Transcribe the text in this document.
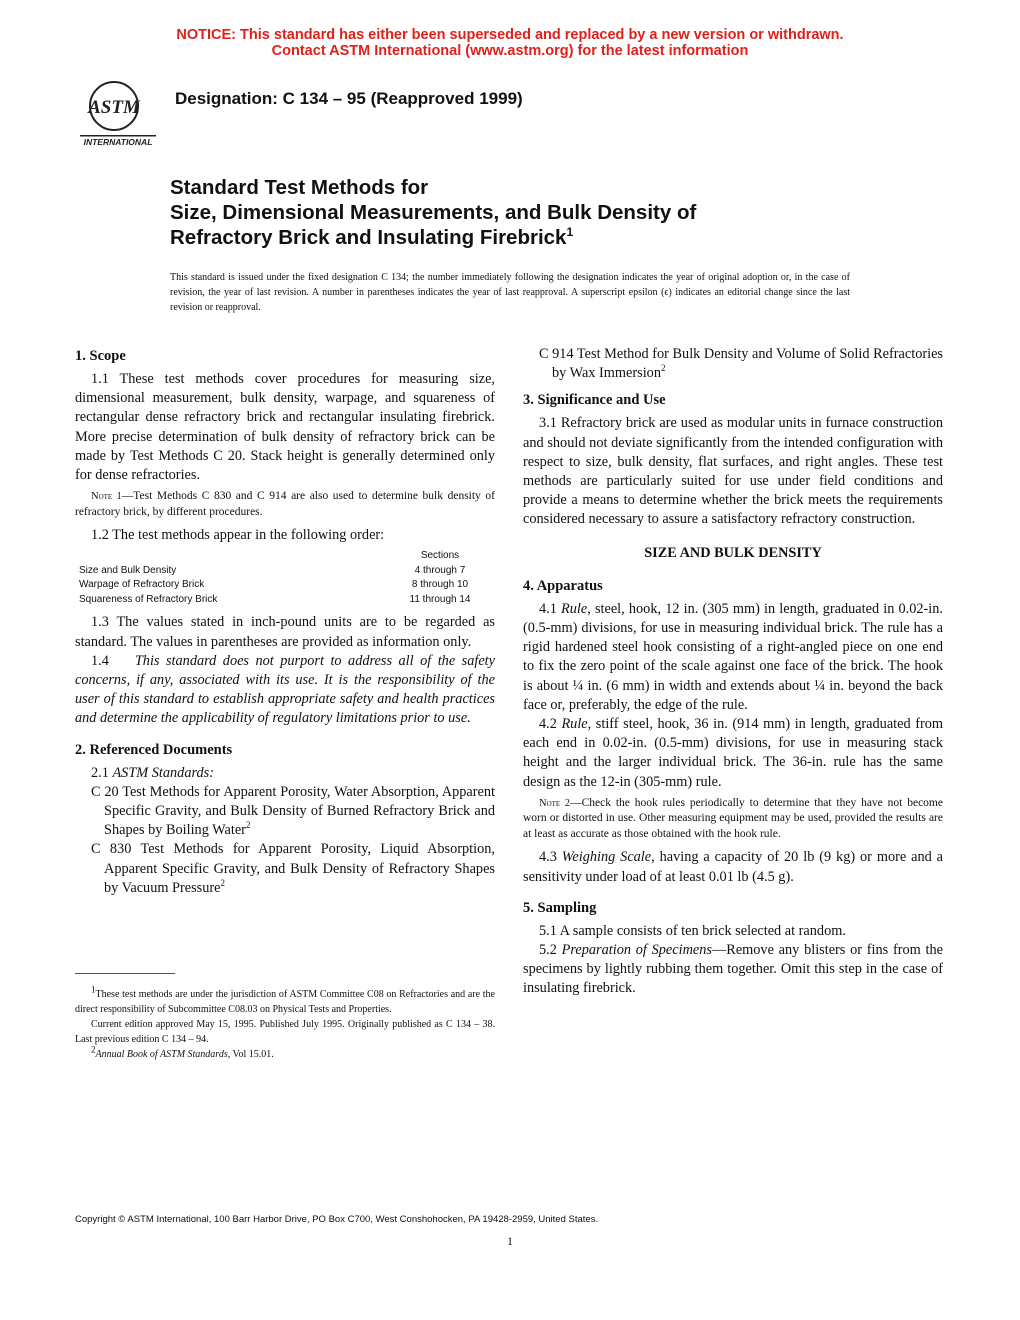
NOTICE: This standard has either been superseded and replaced by a new version or withdrawn.
Contact ASTM International (www.astm.org) for the latest information
ASTM
INTERNATIONAL
Designation: C 134 – 95 (Reapproved 1999)
Standard Test Methods for
Size, Dimensional Measurements, and Bulk Density of
Refractory Brick and Insulating Firebrick$^1$
This standard is issued under the fixed designation C 134; the number immediately following the designation indicates the year of original adoption or, in the case of revision, the year of last revision. A number in parentheses indicates the year of last reapproval. A superscript epsilon (ϵ) indicates an editorial change since the last revision or reapproval.
1. Scope

1.1 These test methods cover procedures for measuring size, dimensional measurement, bulk density, warpage, and squareness of rectangular dense refractory brick and rectangular insulating firebrick. More precise determination of bulk density of refractory brick can be made by Test Methods C 20. Stack height is generally determined only for dense refractories.

Note 1—Test Methods C 830 and C 914 are also used to determine bulk density of refractory brick, by different procedures.

1.2 The test methods appear in the following order:

	Sections
Size and Bulk Density	4 through 7
Warpage of Refractory Brick	8 through 10
Squareness of Refractory Brick	11 through 14

1.3 The values stated in inch-pound units are to be regarded as standard. The values in parentheses are provided as information only.

1.4 This standard does not purport to address all of the safety concerns, if any, associated with its use. It is the responsibility of the user of this standard to establish appropriate safety and health practices and determine the applicability of regulatory limitations prior to use.

2. Referenced Documents

2.1 ASTM Standards:

C 20 Test Methods for Apparent Porosity, Water Absorption, Apparent Specific Gravity, and Bulk Density of Burned Refractory Brick and Shapes by Boiling Water$^2$

C 830 Test Methods for Apparent Porosity, Liquid Absorption, Apparent Specific Gravity, and Bulk Density of Refractory Shapes by Vacuum Pressure$^2$

C 914 Test Method for Bulk Density and Volume of Solid Refractories by Wax Immersion$^2$

3. Significance and Use

3.1 Refractory brick are used as modular units in furnace construction and should not deviate significantly from the intended configuration with respect to size, bulk density, flat surfaces, and right angles. These test methods are particularly suited for use under field conditions and provide a means to determine whether the brick meets the requirements considered necessary to assure a satisfactory refractory construction.

SIZE AND BULK DENSITY

4. Apparatus

4.1 Rule, steel, hook, 12 in. (305 mm) in length, graduated in 0.02-in. (0.5-mm) divisions, for use in measuring individual brick. The rule has a rigid hardened steel hook consisting of a right-angled piece on one end to fix the zero point of the scale against one face of the brick. The hook is about ¼ in. (6 mm) in width and extends about ¼ in. beyond the back face or, preferably, the edge of the rule.

4.2 Rule, stiff steel, hook, 36 in. (914 mm) in length, graduated from each end in 0.02-in. (0.5-mm) divisions, for use in measuring stack height and the larger individual brick. The 36-in. rule has the same design as the 12-in (305-mm) rule.

Note 2—Check the hook rules periodically to determine that they have not become worn or distorted in use. Other measuring equipment may be used, provided the results are at least as accurate as those obtained with the hook rule.

4.3 Weighing Scale, having a capacity of 20 lb (9 kg) or more and a sensitivity under load of at least 0.01 lb (4.5 g).

5. Sampling

5.1 A sample consists of ten brick selected at random.

5.2 Preparation of Specimens—Remove any blisters or fins from the specimens by lightly rubbing them together. Omit this step in the case of insulating firebrick.

$^1$These test methods are under the jurisdiction of ASTM Committee C08 on Refractories and are the direct responsibility of Subcommittee C08.03 on Physical Tests and Properties.

Current edition approved May 15, 1995. Published July 1995. Originally published as C 134 – 38. Last previous edition C 134 – 94.

$^2$Annual Book of ASTM Standards, Vol 15.01.

Copyright © ASTM International, 100 Barr Harbor Drive, PO Box C700, West Conshohocken, PA 19428-2959, United States.
1
